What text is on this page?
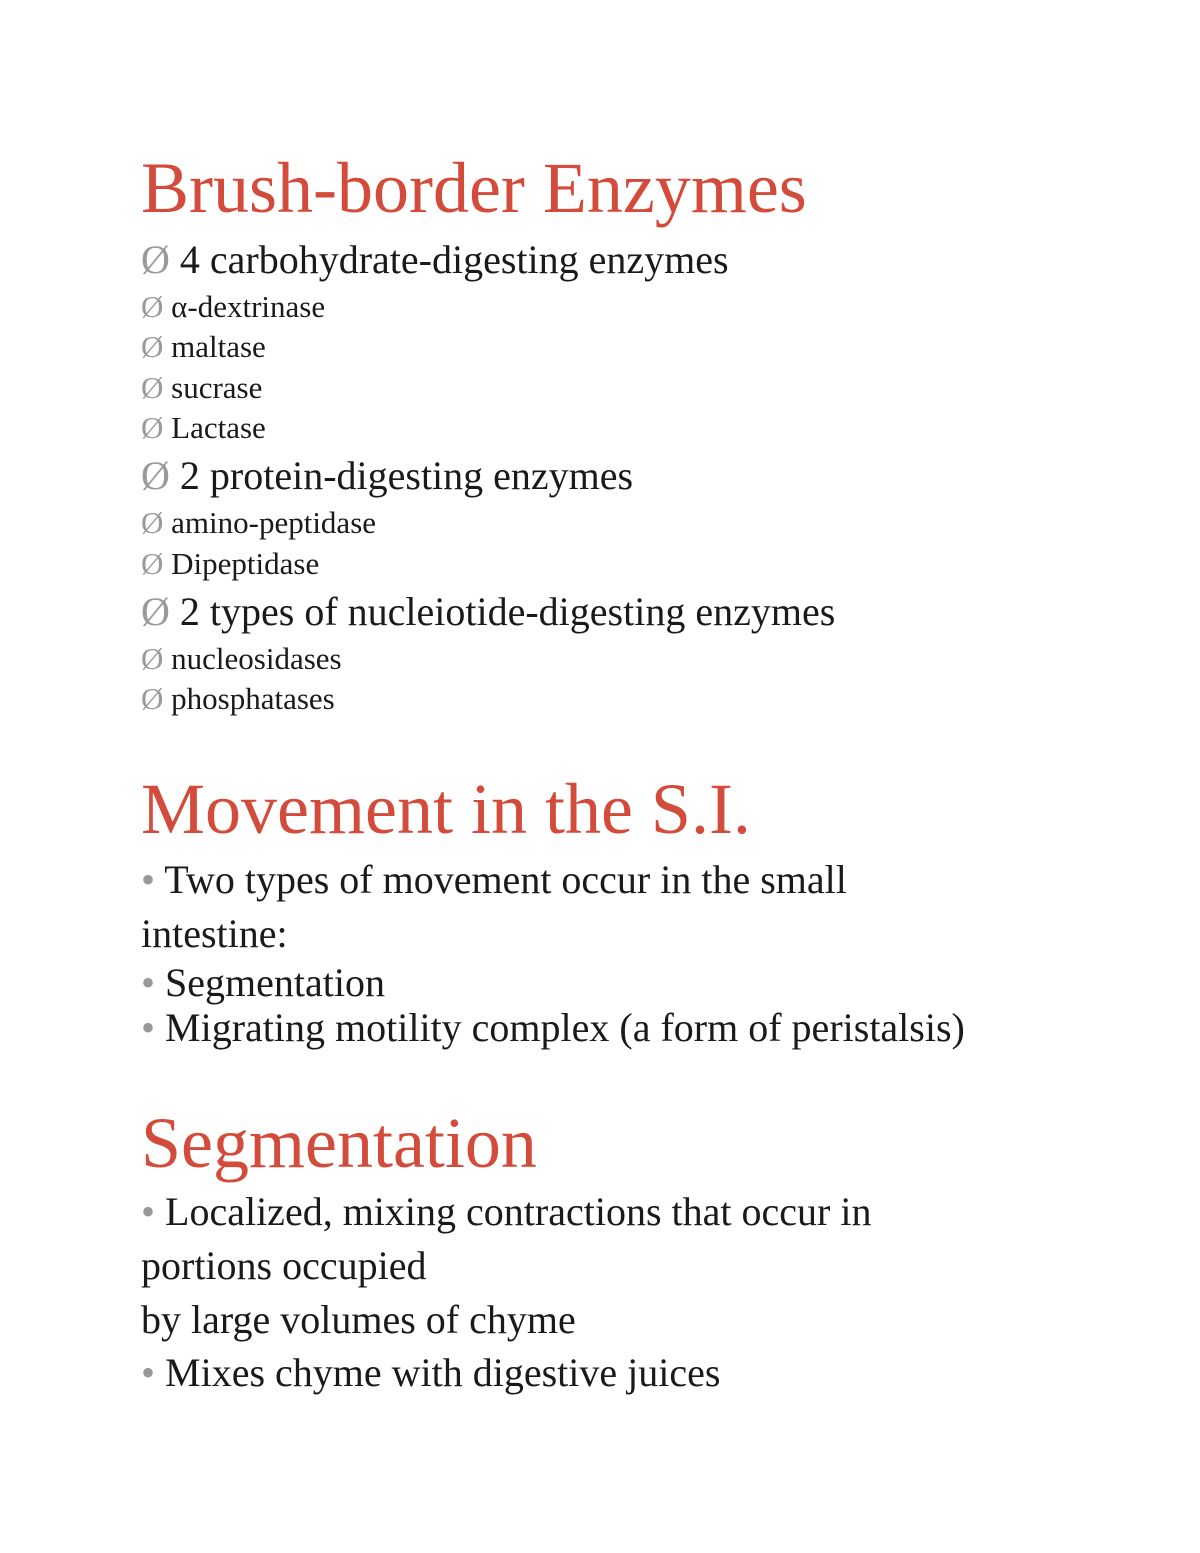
Brush-border Enzymes

Ø 4 carbohydrate-digesting enzymes

Ø α-dextrinase

Ø maltase

Ø sucrase

Ø Lactase

Ø 2 protein-digesting enzymes

Ø amino-peptidase

Ø Dipeptidase

Ø 2 types of nucleiotide-digesting enzymes

Ø nucleosidases

Ø phosphatases

Movement in the S.I.

• Two types of movement occur in the small

intestine:

• Segmentation

• Migrating motility complex (a form of peristalsis)

Segmentation

• Localized, mixing contractions that occur in

portions occupied

by large volumes of chyme

• Mixes chyme with digestive juices
